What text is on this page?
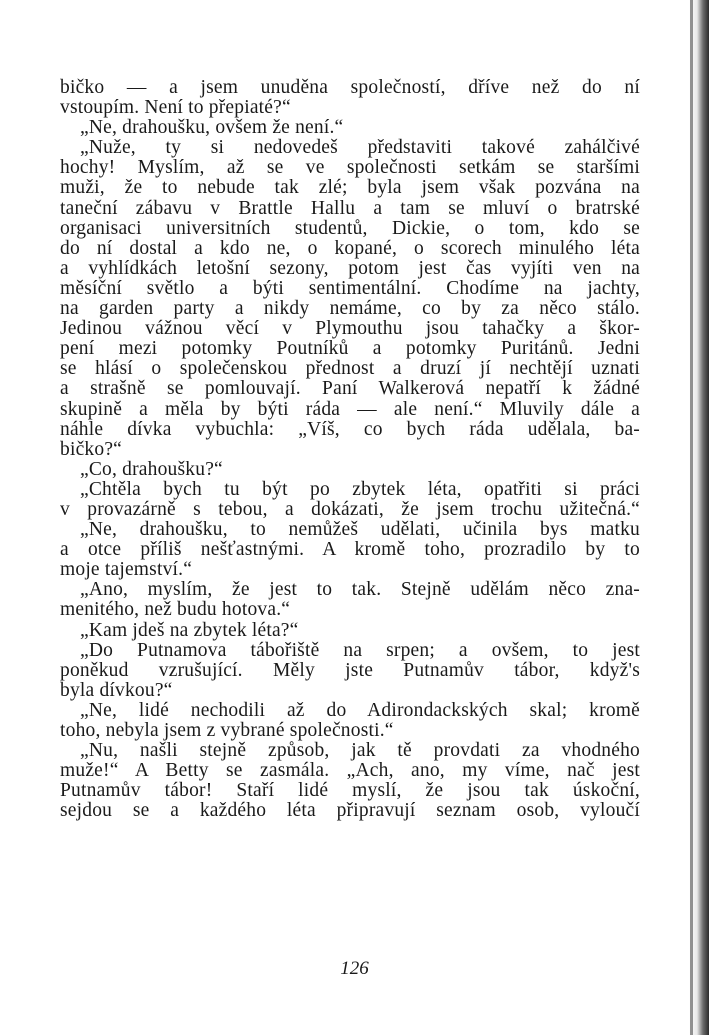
bičko — a jsem unuděna společností, dříve než do ní
vstoupím. Není to přepiaté?“
„Ne, drahoušku, ovšem že není.“
„Nuže, ty si nedovedeš představiti takové zahálčivé
hochy! Myslím, až se ve společnosti setkám se staršími
muži, že to nebude tak zlé; byla jsem však pozvána na
taneční zábavu v Brattle Hallu a tam se mluví o bratrské
organisaci universitních studentů, Dickie, o tom, kdo se
do ní dostal a kdo ne, o kopané, o scorech minulého léta
a vyhlídkách letošní sezony, potom jest čas vyjíti ven na
měsíční světlo a býti sentimentální. Chodíme na jachty,
na garden party a nikdy nemáme, co by za něco stálo.
Jedinou vážnou věcí v Plymouthu jsou tahačky a škor-
pení mezi potomky Poutníků a potomky Puritánů. Jedni
se hlásí o společenskou přednost a druzí jí nechtějí uznati
a strašně se pomlouvají. Paní Walkerová nepatří k žádné
skupině a měla by býti ráda — ale není.“ Mluvily dále a
náhle dívka vybuchla: „Víš, co bych ráda udělala, ba-
bičko?“
„Co, drahoušku?“
„Chtěla bych tu být po zbytek léta, opatřiti si práci
v provazárně s tebou, a dokázati, že jsem trochu užitečná.“
„Ne, drahoušku, to nemůžeš udělati, učinila bys matku
a otce příliš nešťastnými. A kromě toho, prozradilo by to
moje tajemství.“
„Ano, myslím, že jest to tak. Stejně udělám něco zna-
menitého, než budu hotova.“
„Kam jdeš na zbytek léta?“
„Do Putnamova tábořiště na srpen; a ovšem, to jest
poněkud vzrušující. Měly jste Putnamův tábor, když's
byla dívkou?“
„Ne, lidé nechodili až do Adirondackských skal; kromě
toho, nebyla jsem z vybrané společnosti.“
„Nu, našli stejně způsob, jak tě provdati za vhodného
muže!“ A Betty se zasmála. „Ach, ano, my víme, nač jest
Putnamův tábor! Staří lidé myslí, že jsou tak úskoční,
sejdou se a každého léta připravují seznam osob, vyloučí
126
